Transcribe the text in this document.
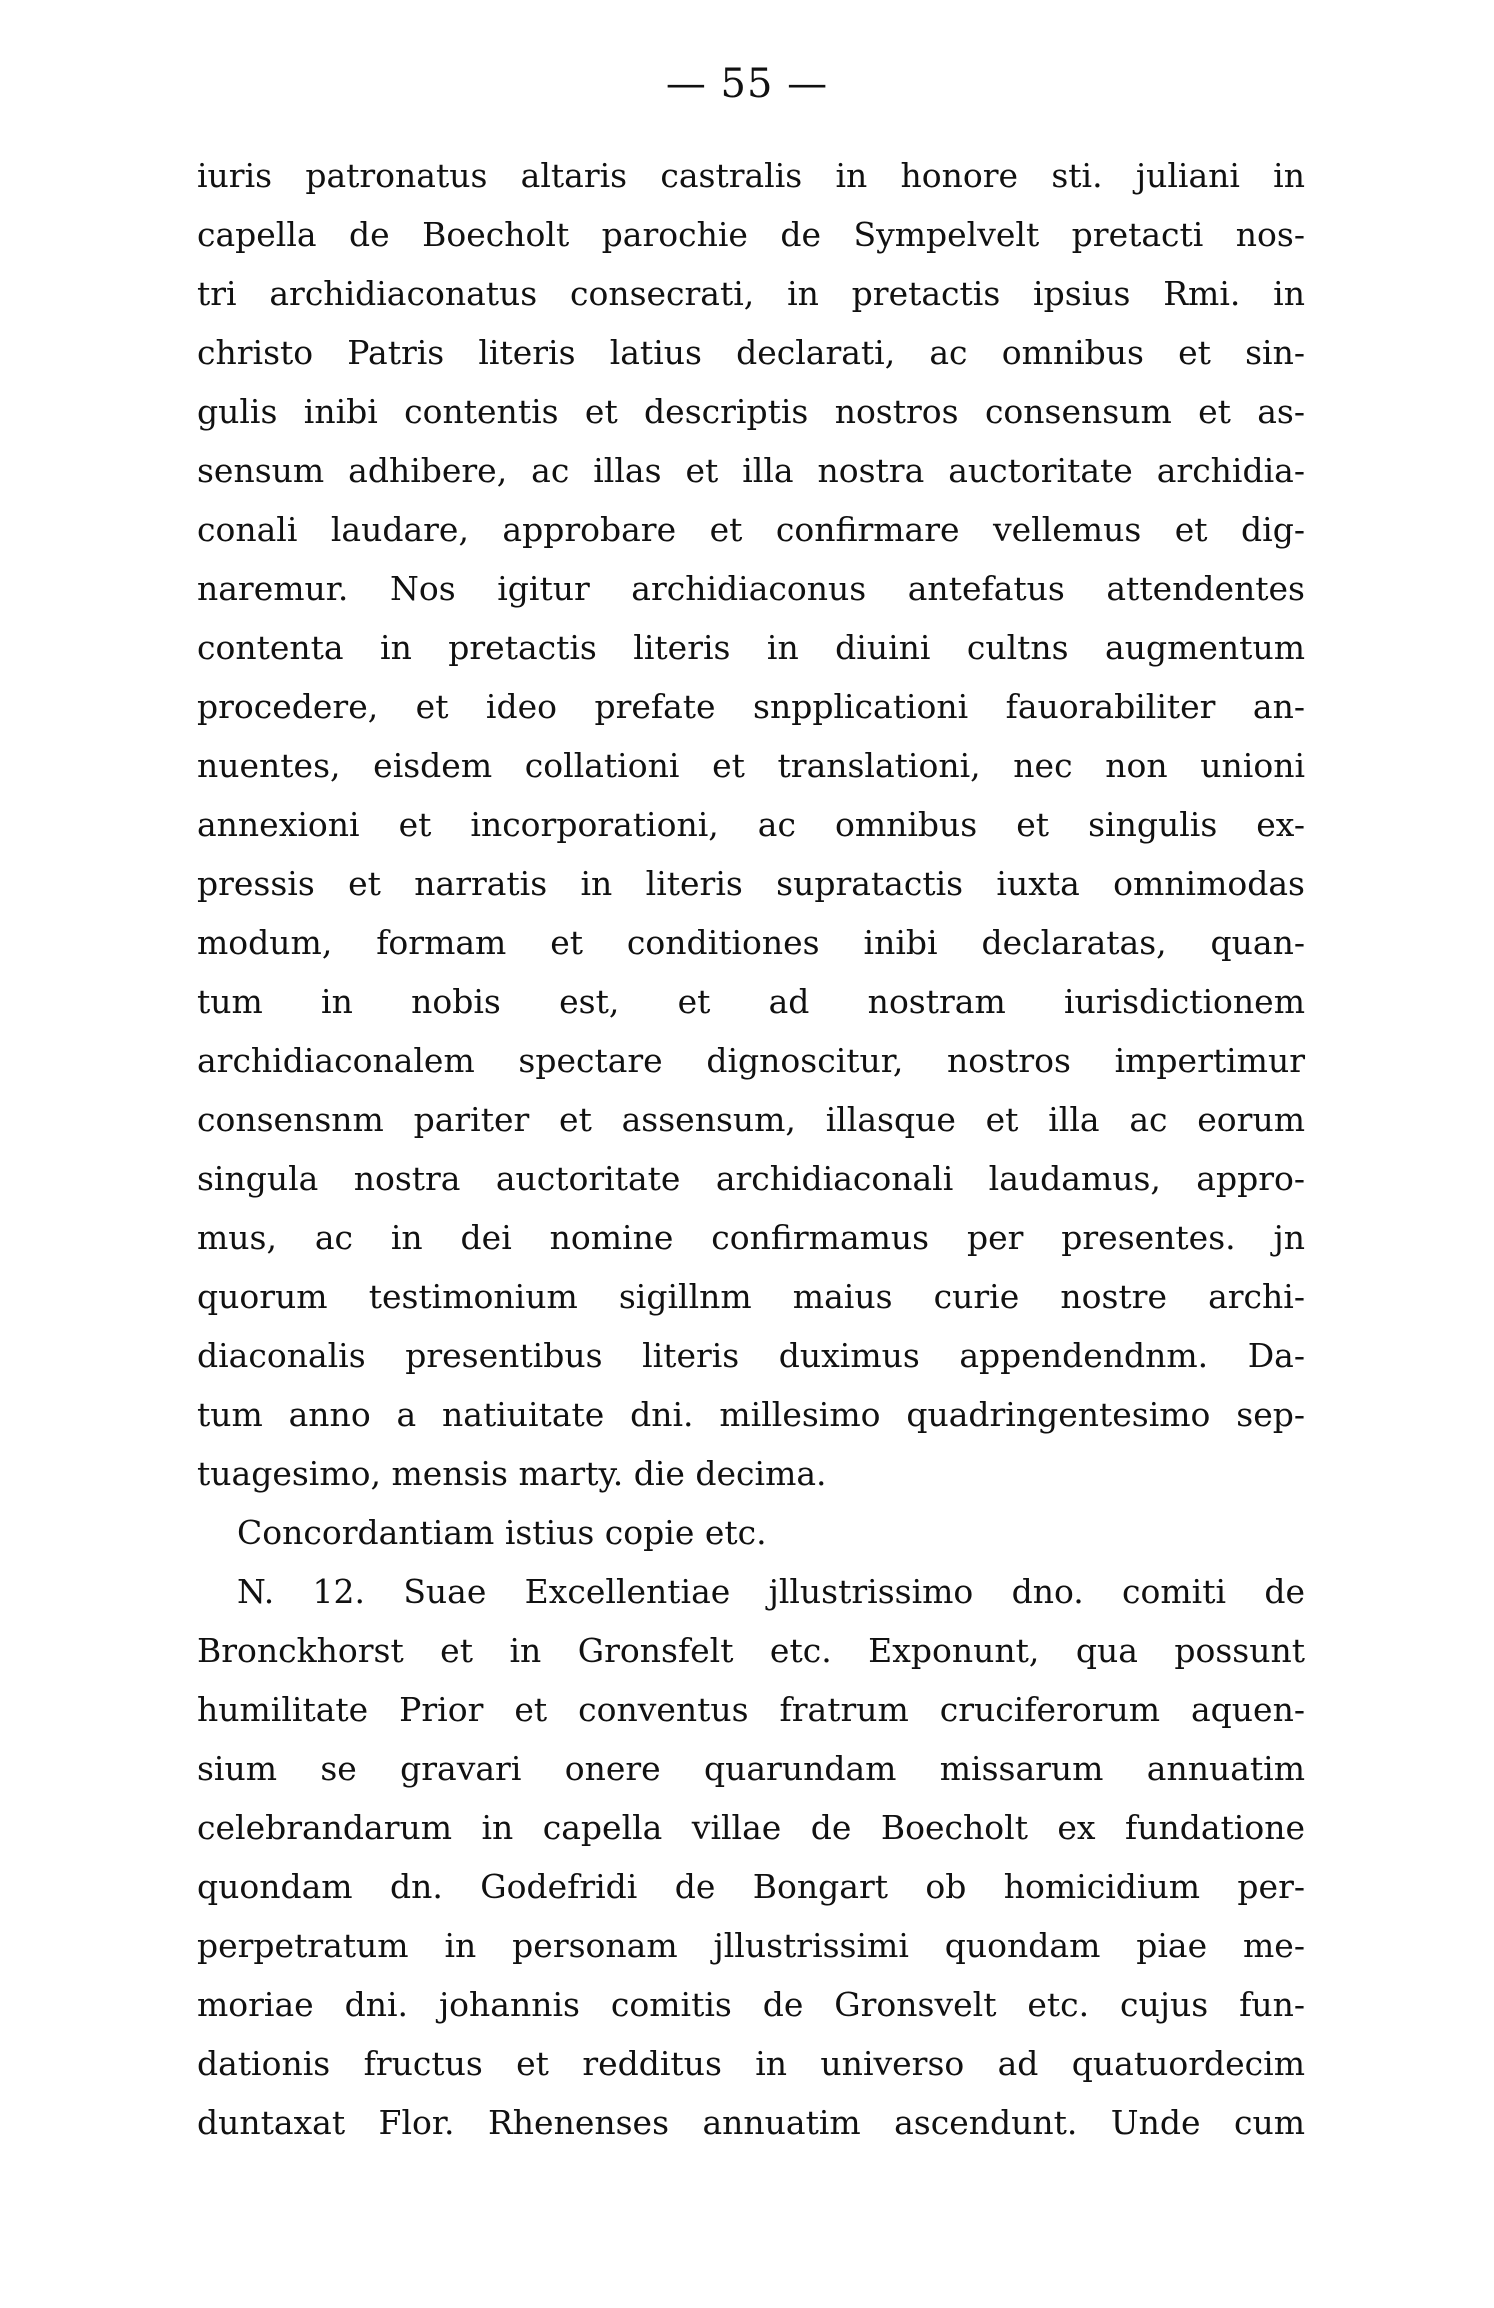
— 55 —
iuris patronatus altaris castralis in honore sti. juliani in
capella de Boecholt parochie de Sympelvelt pretacti nos-
tri archidiaconatus consecrati, in pretactis ipsius Rmi. in
christo Patris literis latius declarati, ac omnibus et sin-
gulis inibi contentis et descriptis nostros consensum et as-
sensum adhibere, ac illas et illa nostra auctoritate archidia-
conali laudare, approbare et confirmare vellemus et dig-
naremur. Nos igitur archidiaconus antefatus attendentes
contenta in pretactis literis in diuini cultns augmentum
procedere, et ideo prefate snpplicationi fauorabiliter an-
nuentes, eisdem collationi et translationi, nec non unioni
annexioni et incorporationi, ac omnibus et singulis ex-
pressis et narratis in literis supratactis iuxta omnimodas
modum, formam et conditiones inibi declaratas, quan-
tum in nobis est, et ad nostram iurisdictionem
archidiaconalem spectare dignoscitur, nostros impertimur
consensnm pariter et assensum, illasque et illa ac eorum
singula nostra auctoritate archidiaconali laudamus, appro-
mus, ac in dei nomine confirmamus per presentes. jn
quorum testimonium sigillnm maius curie nostre archi-
diaconalis presentibus literis duximus appendendnm. Da-
tum anno a natiuitate dni. millesimo quadringentesimo sep-
tuagesimo, mensis marty. die decima.
Concordantiam istius copie etc.
N. 12. Suae Excellentiae jllustrissimo dno. comiti de
Bronckhorst et in Gronsfelt etc. Exponunt, qua possunt
humilitate Prior et conventus fratrum cruciferorum aquen-
sium se gravari onere quarundam missarum annuatim
celebrandarum in capella villae de Boecholt ex fundatione
quondam dn. Godefridi de Bongart ob homicidium per-
perpetratum in personam jllustrissimi quondam piae me-
moriae dni. johannis comitis de Gronsvelt etc. cujus fun-
dationis fructus et redditus in universo ad quatuordecim
duntaxat Flor. Rhenenses annuatim ascendunt. Unde cum
